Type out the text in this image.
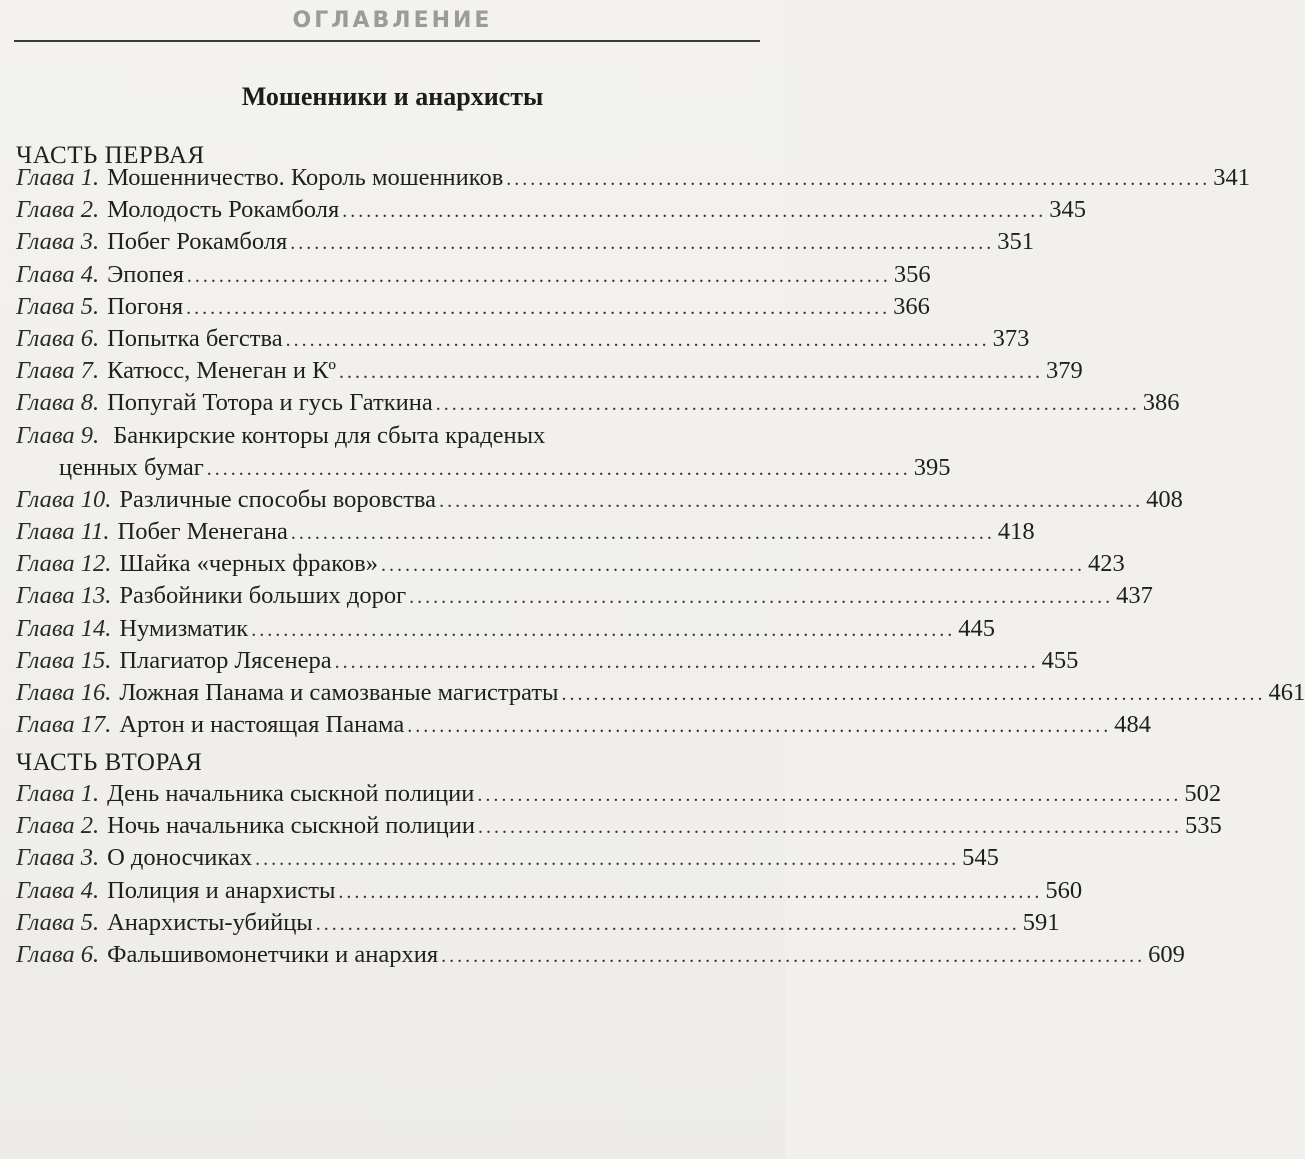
ОГЛАВЛЕНИЕ
Мошенники и анархисты
ЧАСТЬ ПЕРВАЯ
Глава 1. Мошенничество. Король мошенников ........................................................................................ 341
Глава 2. Молодость Рокамболя ........................................................................................ 345
Глава 3. Побег Рокамболя ........................................................................................ 351
Глава 4. Эпопея ........................................................................................ 356
Глава 5. Погоня ........................................................................................ 366
Глава 6. Попытка бегства ........................................................................................ 373
Глава 7. Катюсс, Менеган и Кº ........................................................................................ 379
Глава 8. Попугай Тотора и гусь Гаткина ........................................................................................ 386
Глава 9. Банкирские конторы для сбыта краденых
ценных бумаг ........................................................................................ 395
Глава 10. Различные способы воровства ........................................................................................ 408
Глава 11. Побег Менегана ........................................................................................ 418
Глава 12. Шайка «черных фраков» ........................................................................................ 423
Глава 13. Разбойники больших дорог ........................................................................................ 437
Глава 14. Нумизматик ........................................................................................ 445
Глава 15. Плагиатор Лясенера ........................................................................................ 455
Глава 16. Ложная Панама и самозваные магистраты ........................................................................................ 461
Глава 17. Артон и настоящая Панама ........................................................................................ 484
ЧАСТЬ ВТОРАЯ
Глава 1. День начальника сыскной полиции ........................................................................................ 502
Глава 2. Ночь начальника сыскной полиции ........................................................................................ 535
Глава 3. О доносчиках ........................................................................................ 545
Глава 4. Полиция и анархисты ........................................................................................ 560
Глава 5. Анархисты-убийцы ........................................................................................ 591
Глава 6. Фальшивомонетчики и анархия ........................................................................................ 609
